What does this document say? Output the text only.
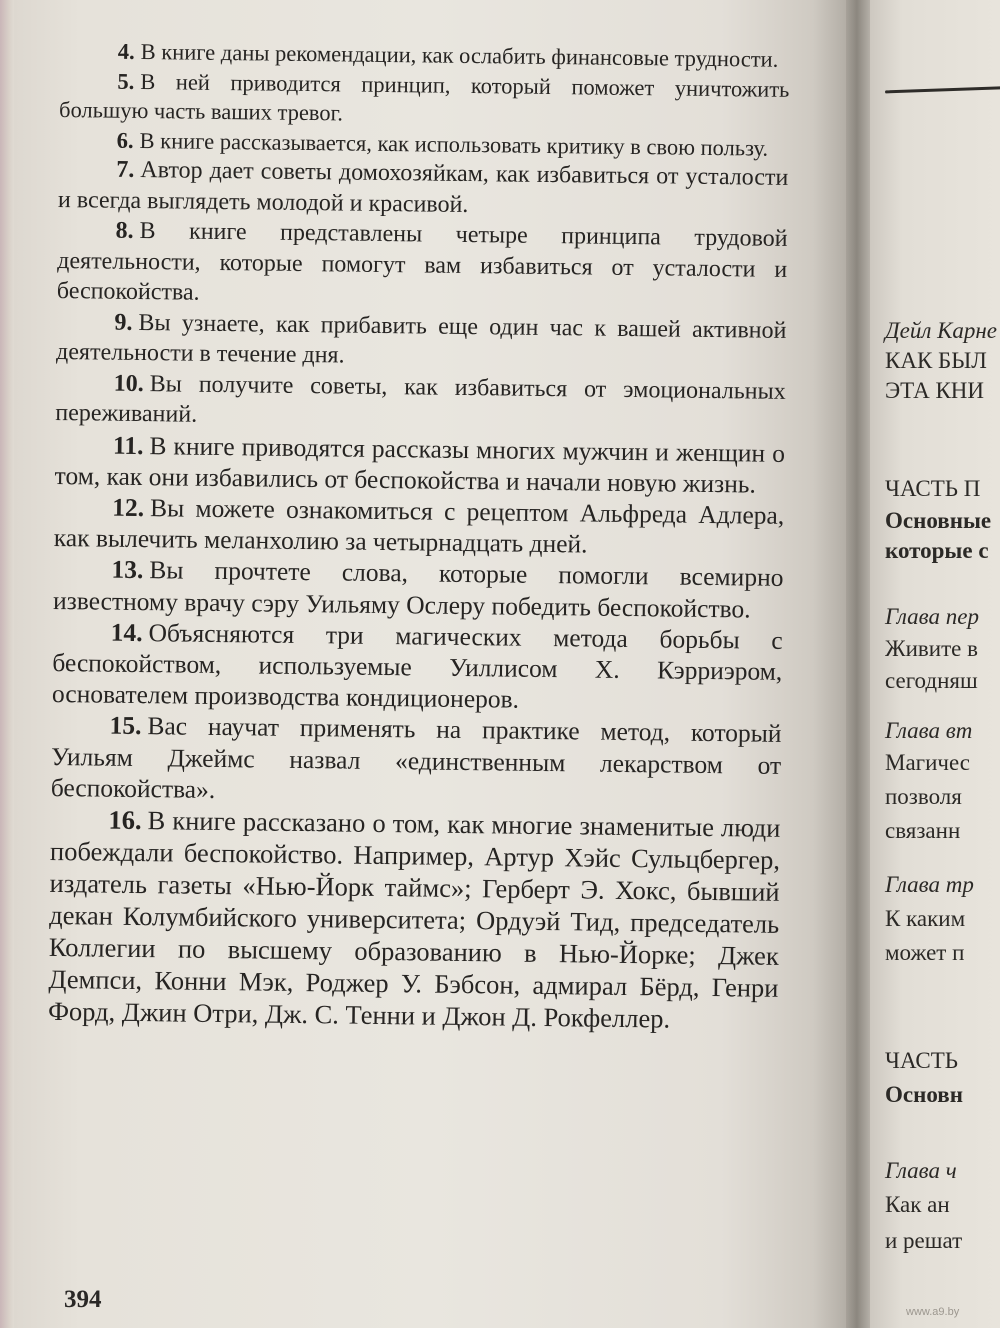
4. В книге даны рекомендации, как ослабить финансовые трудности.

5. В ней приводится принцип, который поможет уничтожить большую часть ваших тревог.

6. В книге рассказывается, как использовать критику в свою пользу.

7. Автор дает советы домохозяйкам, как избавиться от усталости и всегда выглядеть молодой и красивой.

8. В книге представлены четыре принципа трудовой деятельности, которые помогут вам избавиться от усталости и беспокойства.

9. Вы узнаете, как прибавить еще один час к вашей активной деятельности в течение дня.

10. Вы получите советы, как избавиться от эмоциональных переживаний.

11. В книге приводятся рассказы многих мужчин и женщин о том, как они избавились от беспокойства и начали новую жизнь.

12. Вы можете ознакомиться с рецептом Альфреда Адлера, как вылечить меланхолию за четырнадцать дней.

13. Вы прочтете слова, которые помогли всемирно известному врачу сэру Уильяму Ослеру победить беспокойство.

14. Объясняются три магических метода борьбы с беспокойством, используемые Уиллисом Х. Кэрриэром, основателем производства кондиционеров.

15. Вас научат применять на практике метод, который Уильям Джеймс назвал «единственным лекарством от беспокойства».

16. В книге рассказано о том, как многие знаменитые люди побеждали беспокойство. Например, Артур Хэйс Сульцбергер, издатель газеты «Нью-Йорк таймс»; Герберт Э. Хокс, бывший декан Колумбийского университета; Ордуэй Тид, председатель Коллегии по высшему образованию в Нью-Йорке; Джек Демпси, Конни Мэк, Роджер У. Бэбсон, адмирал Бёрд, Генри Форд, Джин Отри, Дж. С. Тенни и Джон Д. Рокфеллер.

394
Дейл Карне
КАК БЫЛ
ЭТА КНИ
ЧАСТЬ П
Основные
которые с
Глава пер
Живите в
сегодняш
Глава вт
Магичес
позволя
связанн
Глава тр
К каким
может п
ЧАСТЬ
Основн
Глава ч
Как ан
и решат
www.a9.by
